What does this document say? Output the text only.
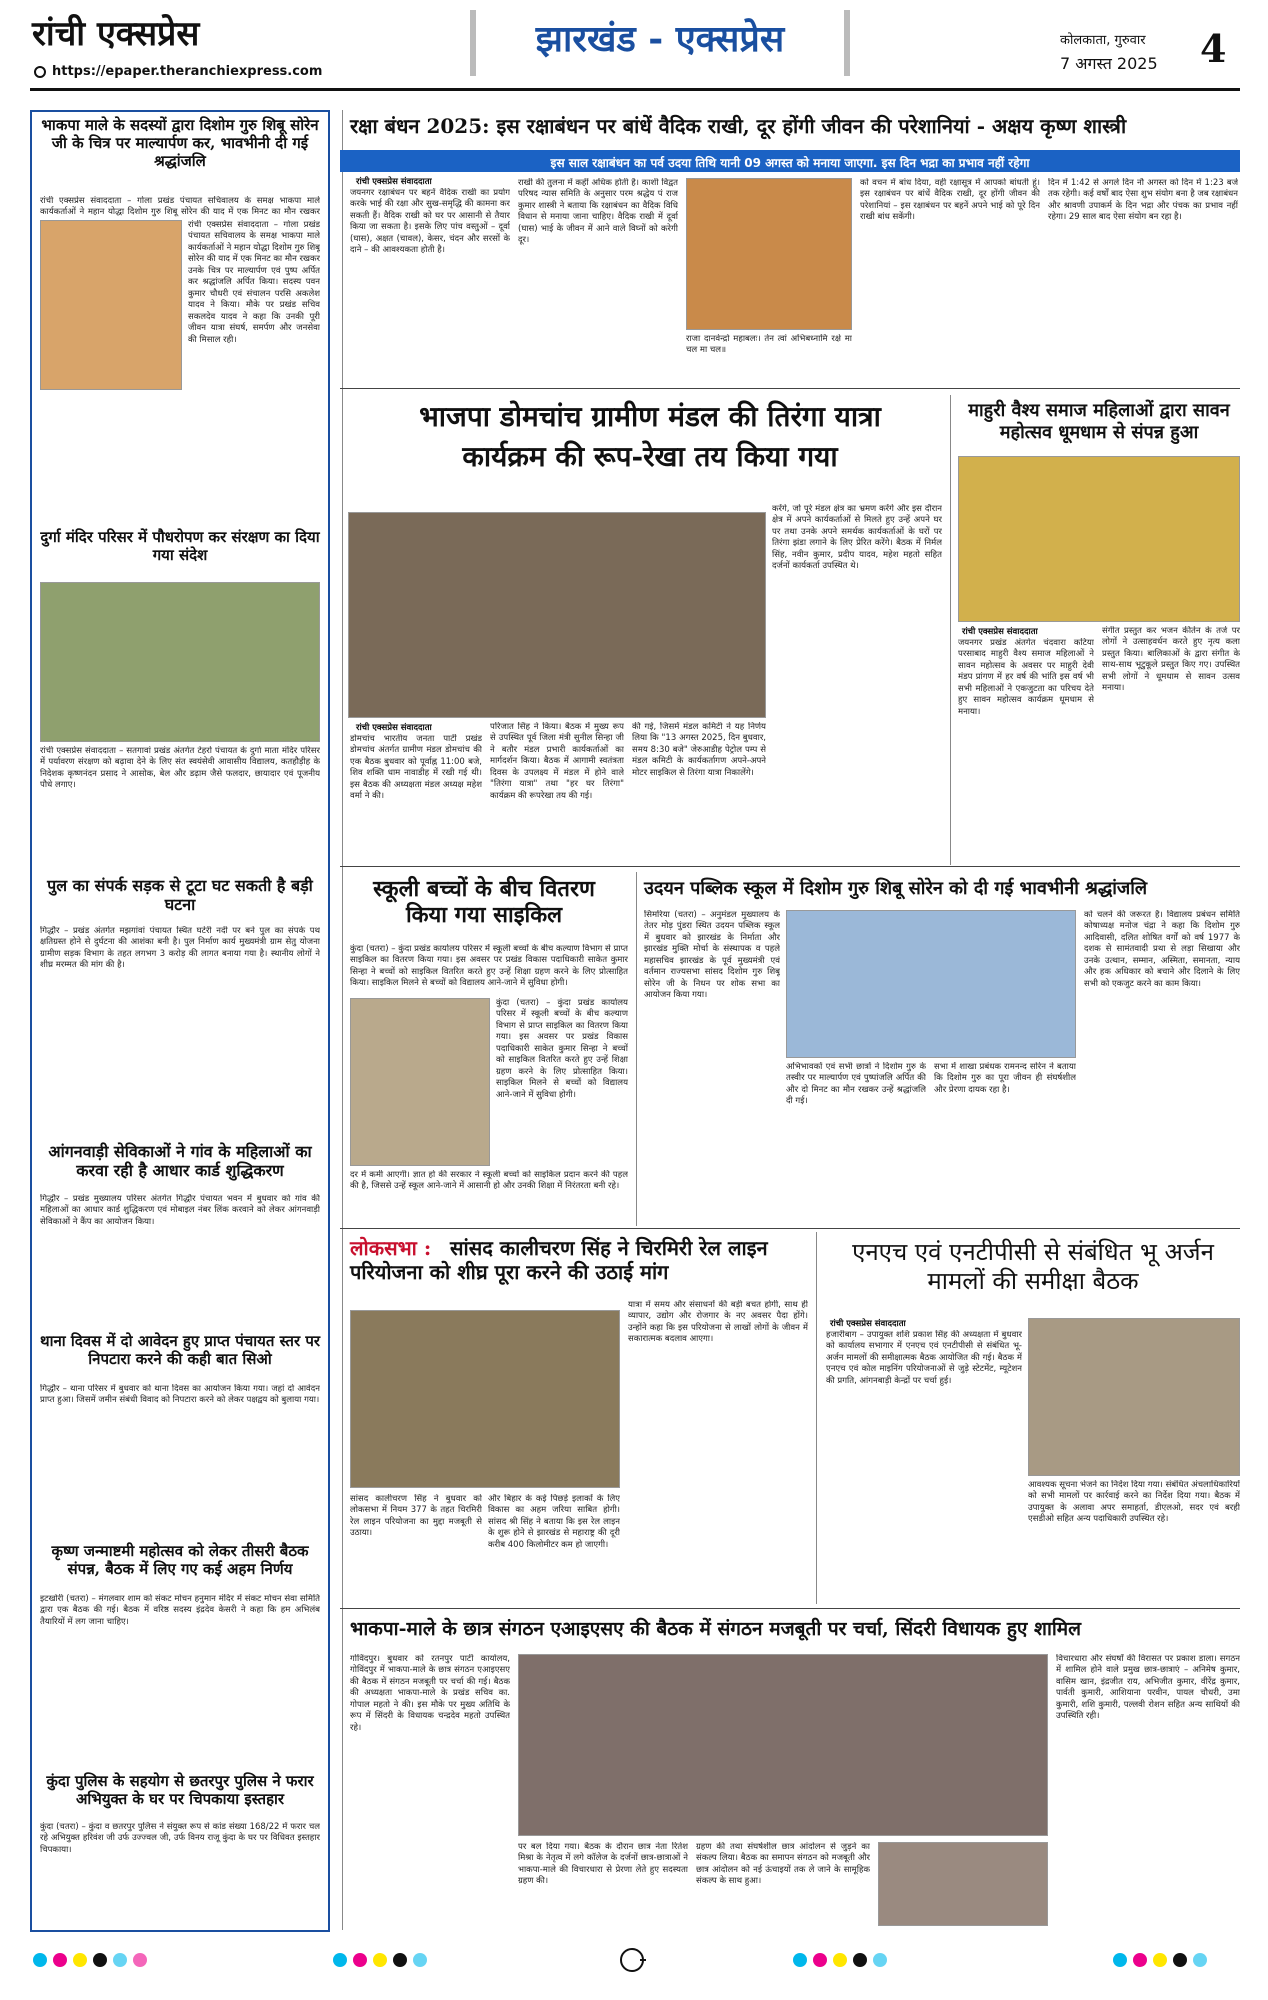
रांची एक्सप्रेस
https://epaper.theranchiexpress.com
झारखंड - एक्सप्रेस	कोलकाता, गुरुवार
7 अगस्त 2025 4
भाकपा माले के सदस्यों द्वारा दिशोम गुरु शिबू सोरेन जी के चित्र पर माल्यार्पण कर, भावभीनी दी गई श्रद्धांजलि
रांची एक्सप्रेस संवाददाता – गोला प्रखंड पंचायत सचिवालय के समक्ष भाकपा माले कार्यकर्ताओं ने महान योद्धा दिशोम गुरु शिबू सोरेन की याद में एक मिनट का मौन रखकर
रांची एक्सप्रेस संवाददाता – गोला प्रखंड पंचायत सचिवालय के समक्ष भाकपा माले कार्यकर्ताओं ने महान योद्धा दिशोम गुरु शिबू सोरेन की याद में एक मिनट का मौन रखकर उनके चित्र पर माल्यार्पण एवं पुष्प अर्पित कर श्रद्धांजलि अर्पित किया। सदस्य पवन कुमार चौधरी एवं संचालन परसि अकलेश यादव ने किया। मौके पर प्रखंड सचिव सकलदेव यादव ने कहा कि उनकी पूरी जीवन यात्रा संघर्ष, समर्पण और जनसेवा की मिसाल रही।
दुर्गा मंदिर परिसर में पौधरोपण कर संरक्षण का दिया गया संदेश
रांची एक्सप्रेस संवाददाता – सतगावां प्रखंड अंतर्गत टेहरो पंचायत के दुर्गा माता मंदिर परिसर में पर्यावरण संरक्षण को बढ़ावा देने के लिए संत स्वयंसेवी आवासीय विद्यालय, कतहौड़ीह के निदेशक कृष्णनंदन प्रसाद ने आसोक, बेल और डढ़ाम जैसे फलदार, छायादार एवं पूजनीय पौधे लगाए।
पुल का संपर्क सड़क से टूटा घट सकती है बड़ी घटना
गिद्धौर – प्रखंड अंतर्गत मझगांवां पंचायत स्थित घटेरी नदी पर बने पुल का संपर्क पथ क्षतिग्रस्त होने से दुर्घटना की आशंका बनी है। पुल निर्माण कार्य मुख्यमंत्री ग्राम सेतु योजना ग्रामीण सड़क विभाग के तहत लगभग 3 करोड़ की लागत बनाया गया है। स्थानीय लोगों ने शीघ्र मरम्मत की मांग की है।
आंगनवाड़ी सेविकाओं ने गांव के महिलाओं का करवा रही है आधार कार्ड शुद्धिकरण
गिद्धौर – प्रखंड मुख्यालय परिसर अंतर्गत गिद्धौर पंचायत भवन में बुधवार को गांव की महिलाओं का आधार कार्ड शुद्धिकरण एवं मोबाइल नंबर लिंक करवाने को लेकर आंगनवाड़ी सेविकाओं ने कैंप का आयोजन किया।
थाना दिवस में दो आवेदन हुए प्राप्त पंचायत स्तर पर निपटारा करने की कही बात सिओ
गिद्धौर – थाना परिसर में बुधवार को थाना दिवस का आयोजन किया गया। जहां दो आवेदन प्राप्त हुआ। जिसमें जमीन संबंधी विवाद को निपटारा करने को लेकर पक्षद्वय को बुलाया गया।
कृष्ण जन्माष्टमी महोत्सव को लेकर तीसरी बैठक संपन्न, बैठक में लिए गए कई अहम निर्णय
इटखोरी (चतरा) – मंगलवार शाम को संकट मोचन हनुमान मंदिर में संकट मोचन सेवा समिति द्वारा एक बैठक की गई। बैठक में वरिष्ठ सदस्य इंद्रदेव केसरी ने कहा कि हम अभिलंब तैयारियों में लग जाना चाहिए।
कुंदा पुलिस के सहयोग से छतरपुर पुलिस ने फरार अभियुक्त के घर पर चिपकाया इस्तहार
कुंदा (चतरा) – कुंदा व छतरपुर पुलिस ने संयुक्त रूप से कांड संख्या 168/22 में फरार चल रहे अभियुक्त हरिवंश जी उर्फ उज्ज्वल जी, उर्फ विनय राजू कुंदा के घर पर विधिवत इस्तहार चिपकाया।
रक्षा बंधन 2025: इस रक्षाबंधन पर बांधें वैदिक राखी, दूर होंगी जीवन की परेशानियां - अक्षय कृष्ण शास्त्री
इस साल रक्षाबंधन का पर्व उदया तिथि यानी 09 अगस्त को मनाया जाएगा. इस दिन भद्रा का प्रभाव नहीं रहेगा
रांची एक्सप्रेस संवाददाता
जयनगर रक्षाबंधन पर बहनें वैदिक राखी का प्रयोग करके भाई की रक्षा और सुख-समृद्धि की कामना कर सकती हैं। वैदिक राखी को घर पर आसानी से तैयार किया जा सकता है। इसके लिए पांच वस्तुओं – दूर्वा (घास), अक्षत (चावल), केसर, चंदन और सरसों के दाने – की आवश्यकता होती है।
राखी की तुलना में कहीं अधिक होती है। काशी विद्वत परिषद न्यास समिति के अनुसार परम श्रद्धेय पं राज कुमार शास्त्री ने बताया कि रक्षाबंधन का वैदिक विधि विधान से मनाया जाना चाहिए। वैदिक राखी में दूर्वा (घास) भाई के जीवन में आने वाले विघ्नों को करेगी दूर।
राजा दानवेन्द्रो महाबलः। तेन त्वां अभिबध्नामि रक्षे मा चल मा चल॥
को वचन में बांध दिया, वही रक्षासूत्र में आपको बांधती हूं। इस रक्षाबंधन पर बांधें वैदिक राखी, दूर होंगी जीवन की परेशानियां – इस रक्षाबंधन पर बहनें अपने भाई को पूरे दिन राखी बांध सकेंगी।
दिन में 1:42 से अगले दिन नौ अगस्त को दिन में 1:23 बजे तक रहेगी। कई वर्षों बाद ऐसा शुभ संयोग बना है जब रक्षाबंधन और श्रावणी उपाकर्म के दिन भद्रा और पंचक का प्रभाव नहीं रहेगा। 29 साल बाद ऐसा संयोग बन रहा है।
भाजपा डोमचांच ग्रामीण मंडल की तिरंगा यात्रा
कार्यक्रम की रूप-रेखा तय किया गया
करेंगे, जो पूरे मंडल क्षेत्र का भ्रमण करेंगे और इस दौरान क्षेत्र में अपने कार्यकर्ताओं से मिलते हुए उन्हें अपने घर पर तथा उनके अपने समर्थक कार्यकर्ताओं के घरों पर तिरंगा झंडा लगाने के लिए प्रेरित करेंगे। बैठक में निर्मल सिंह, नवीन कुमार, प्रदीप यादव, महेश महतो सहित दर्जनों कार्यकर्ता उपस्थित थे।
रांची एक्सप्रेस संवाददाता
डोमचांच भारतीय जनता पार्टी प्रखंड डोमचांच अंतर्गत ग्रामीण मंडल डोमचांच की एक बैठक बुधवार को पूर्वाह्न 11:00 बजे, शिव शक्ति धाम नावाडीह में रखी गई थी। इस बैठक की अध्यक्षता मंडल अध्यक्ष महेश वर्मा ने की।
परिजात सिंह ने किया। बैठक में मुख्य रूप से उपस्थित पूर्व जिला मंत्री सुनील सिन्हा जी ने बतौर मंडल प्रभारी कार्यकर्ताओं का मार्गदर्शन किया। बैठक में आगामी स्वतंत्रता दिवस के उपलक्ष्य में मंडल में होने वाले "तिरंगा यात्रा" तथा "हर घर तिरंगा" कार्यक्रम की रूपरेखा तय की गई।
की गई, जिसमें मंडल कमिटी ने यह निर्णय लिया कि "13 अगस्त 2025, दिन बुधवार, समय 8:30 बजे" जेरुआडीह पेट्रोल पम्प से मंडल कमिटी के कार्यकर्तागण अपने-अपने मोटर साइकिल से तिरंगा यात्रा निकालेंगे।
माहुरी वैश्य समाज महिलाओं द्वारा सावन महोत्सव धूमधाम से संपन्न हुआ
रांची एक्सप्रेस संवाददाता
जयनगर प्रखंड अंतर्गत चंदवारा कटिया परसाबाद माहुरी वैश्य समाज महिलाओं ने सावन महोत्सव के अवसर पर माहुरी देवी मंडप प्रांगण में हर वर्ष की भांति इस वर्ष भी सभी महिलाओं ने एकजुटता का परिचय देते हुए सावन महोत्सव कार्यक्रम धूमधाम से मनाया।
संगीत प्रस्तुत कर भजन कीर्तन के तर्ज पर लोगों ने उत्साहवर्धन करते हुए नृत्य कला प्रस्तुत किया। बालिकाओं के द्वारा संगीत के साथ-साथ भूटुकूले प्रस्तुत किए गए। उपस्थित सभी लोगों ने धूमधाम से सावन उत्सव मनाया।
स्कूली बच्चों के बीच वितरण किया गया साइकिल
कुंदा (चतरा) – कुंदा प्रखंड कार्यालय परिसर में स्कूली बच्चों के बीच कल्याण विभाग से प्राप्त साइकिल का वितरण किया गया। इस अवसर पर प्रखंड विकास पदाधिकारी साकेत कुमार सिन्हा ने बच्चों को साइकिल वितरित करते हुए उन्हें शिक्षा ग्रहण करने के लिए प्रोत्साहित किया। साइकिल मिलने से बच्चों को विद्यालय आने-जाने में सुविधा होगी।
कुंदा (चतरा) – कुंदा प्रखंड कार्यालय परिसर में स्कूली बच्चों के बीच कल्याण विभाग से प्राप्त साइकिल का वितरण किया गया। इस अवसर पर प्रखंड विकास पदाधिकारी साकेत कुमार सिन्हा ने बच्चों को साइकिल वितरित करते हुए उन्हें शिक्षा ग्रहण करने के लिए प्रोत्साहित किया। साइकिल मिलने से बच्चों को विद्यालय आने-जाने में सुविधा होगी।
दर में कमी आएगी। ज्ञात हो की सरकार ने स्कूली बच्चों को साइकिल प्रदान करने की पहल की है, जिससे उन्हें स्कूल आने-जाने में आसानी हो और उनकी शिक्षा में निरंतरता बनी रहे।
उदयन पब्लिक स्कूल में दिशोम गुरु शिबू सोरेन को दी गई भावभीनी श्रद्धांजलि
सिमरिया (चतरा) – अनुमंडल मुख्यालय के तेतर मोड़ पुंडरा स्थित उदयन पब्लिक स्कूल में बुधवार को झारखंड के निर्माता और झारखंड मुक्ति मोर्चा के संस्थापक व पहले महासचिव झारखंड के पूर्व मुख्यमंत्री एवं वर्तमान राज्यसभा सांसद दिशोम गुरु शिबू सोरेन जी के निधन पर शोक सभा का आयोजन किया गया।
अभिभावकों एवं सभी छात्रों ने दिशोम गुरु के तस्वीर पर माल्यार्पण एवं पुष्पांजलि अर्पित की और दो मिनट का मौन रखकर उन्हें श्रद्धांजलि दी गई।
सभा में शाखा प्रबंधक रामनन्द सोरेन ने बताया कि दिशोम गुरु का पूरा जीवन ही संघर्षशील और प्रेरणा दायक रहा है।
को चलने की जरूरत है। विद्यालय प्रबंधन समिति कोषाध्यक्ष मनोज चंद्रा ने कहा कि दिशोम गुरु आदिवासी, दलित शोषित वर्गों को वर्ष 1977 के दशक से सामंतवादी प्रथा से लड़ा सिखाया और उनके उत्थान, सम्मान, अस्मिता, समानता, न्याय और हक अधिकार को बचाने और दिलाने के लिए सभी को एकजुट करने का काम किया।
लोकसभा : सांसद कालीचरण सिंह ने चिरमिरी रेल लाइन परियोजना को शीघ्र पूरा करने की उठाई मांग
यात्रा में समय और संसाधनों की बड़ी बचत होगी, साथ ही व्यापार, उद्योग और रोजगार के नए अवसर पैदा होंगे। उन्होंने कहा कि इस परियोजना से लाखों लोगों के जीवन में सकारात्मक बदलाव आएगा।
सांसद कालीचरण सिंह ने बुधवार को लोकसभा में नियम 377 के तहत चिरमिरी रेल लाइन परियोजना का मुद्दा मजबूती से उठाया।
और बिहार के कई पिछड़े इलाकों के लिए विकास का अहम जरिया साबित होगी। सांसद श्री सिंह ने बताया कि इस रेल लाइन के शुरू होने से झारखंड से महाराष्ट्र की दूरी करीब 400 किलोमीटर कम हो जाएगी।
एनएच एवं एनटीपीसी से संबंधित भू अर्जन मामलों की समीक्षा बैठक
रांची एक्सप्रेस संवाददाता
हजारीबाग – उपायुक्त शशि प्रकाश सिंह की अध्यक्षता में बुधवार को कार्यालय सभागार में एनएच एवं एनटीपीसी से संबंधित भू-अर्जन मामलों की समीक्षात्मक बैठक आयोजित की गई। बैठक में एनएच एवं कोल माइनिंग परियोजनाओं से जुड़े स्टेटमेंट, म्यूटेशन की प्रगति, आंगनबाड़ी केन्द्रों पर चर्चा हुई।
आवश्यक सूचना भेजने का निर्देश दिया गया। संबंधित अंचलाधिकारियों को सभी मामलों पर कार्रवाई करने का निर्देश दिया गया। बैठक में उपायुक्त के अलावा अपर समाहर्ता, डीएलओ, सदर एवं बरही एसडीओ सहित अन्य पदाधिकारी उपस्थित रहे।
भाकपा-माले के छात्र संगठन एआइएसए की बैठक में संगठन मजबूती पर चर्चा, सिंदरी विधायक हुए शामिल
गोविंदपुर। बुधवार को रतनपुर पार्टी कार्यालय, गोविंदपुर में भाकपा-माले के छात्र संगठन एआइएसए की बैठक में संगठन मजबूती पर चर्चा की गई। बैठक की अध्यक्षता भाकपा-माले के प्रखंड सचिव का. गोपाल महतो ने की। इस मौके पर मुख्य अतिथि के रूप में सिंदरी के विधायक चन्द्रदेव महतो उपस्थित रहे।
पर बल दिया गया। बैठक के दौरान छात्र नेता रितेश मिश्रा के नेतृत्व में लगे कॉलेज के दर्जनों छात्र-छात्राओं ने भाकपा-माले की विचारधारा से प्रेरणा लेते हुए सदस्यता ग्रहण की।
ग्रहण की तथा संघर्षशील छात्र आंदोलन से जुड़ने का संकल्प लिया। बैठक का समापन संगठन को मजबूती और छात्र आंदोलन को नई ऊंचाइयों तक ले जाने के सामूहिक संकल्प के साथ हुआ।
विचारधारा और संघर्षों की विरासत पर प्रकाश डाला। सगठन में शामिल होने वाले प्रमुख छात्र-छात्राएं – अनिमेष कुमार, वासिम खान, इंद्रजीत राय, अभिजीत कुमार, वीरेंद्र कुमार, पार्वती कुमारी, आशियाना परवीन, पायल चौधरी, उमा कुमारी, शशि कुमारी, पल्लवी रोशन सहित अन्य साथियों की उपस्थिति रही।
